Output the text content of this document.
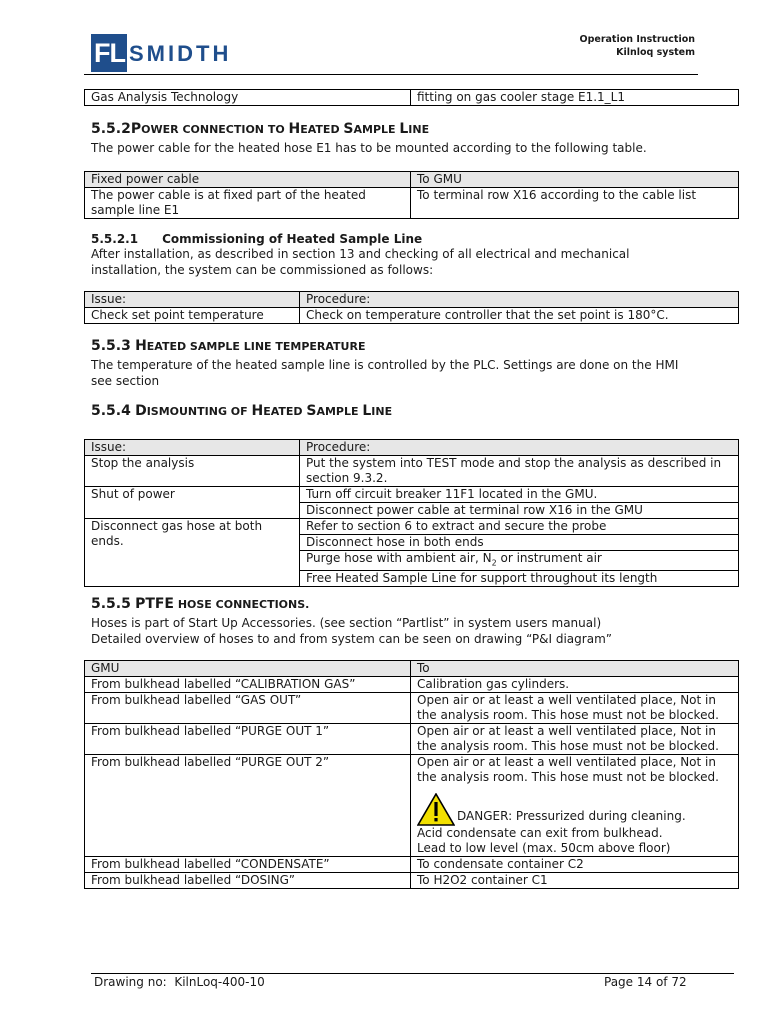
FL SMIDTH
Operation Instruction
Kilnloq system
Gas Analysis Technology	fitting on gas cooler stage E1.1_L1
5.5.2POWER CONNECTION TO HEATED SAMPLE LINE
The power cable for the heated hose E1 has to be mounted according to the following table.
Fixed power cable	To GMU
The power cable is at fixed part of the heated sample line E1	To terminal row X16 according to the cable list
5.5.2.1 Commissioning of Heated Sample Line
After installation, as described in section 13 and checking of all electrical and mechanical installation, the system can be commissioned as follows:
Issue:	Procedure:
Check set point temperature	Check on temperature controller that the set point is 180°C.
5.5.3 HEATED SAMPLE LINE TEMPERATURE
The temperature of the heated sample line is controlled by the PLC. Settings are done on the HMI see section
5.5.4 DISMOUNTING OF HEATED SAMPLE LINE
Issue:	Procedure:
Stop the analysis	Put the system into TEST mode and stop the analysis as described in section 9.3.2.
Shut of power	Turn off circuit breaker 11F1 located in the GMU.
	Disconnect power cable at terminal row X16 in the GMU
Disconnect gas hose at both ends.	Refer to section 6 to extract and secure the probe
	Disconnect hose in both ends
	Purge hose with ambient air, $N_2$ or instrument air
	Free Heated Sample Line for support throughout its length
5.5.5 PTFE HOSE CONNECTIONS.
Hoses is part of Start Up Accessories. (see section “Partlist” in system users manual)
Detailed overview of hoses to and from system can be seen on drawing “P&I diagram”
GMU	To
From bulkhead labelled “CALIBRATION GAS”	Calibration gas cylinders.
From bulkhead labelled “GAS OUT”	Open air or at least a well ventilated place, Not in the analysis room. This hose must not be blocked.
From bulkhead labelled “PURGE OUT 1”	Open air or at least a well ventilated place, Not in the analysis room. This hose must not be blocked.
From bulkhead labelled “PURGE OUT 2”	Open air or at least a well ventilated place, Not in the analysis room. This hose must not be blocked.
DANGER: Pressurized during cleaning.
Acid condensate can exit from bulkhead.
Lead to low level (max. 50cm above floor)

From bulkhead labelled “CONDENSATE”	To condensate container C2
From bulkhead labelled “DOSING”	To H2O2 container C1
Drawing no:  KilnLoq-400-10	Page 14 of 72
